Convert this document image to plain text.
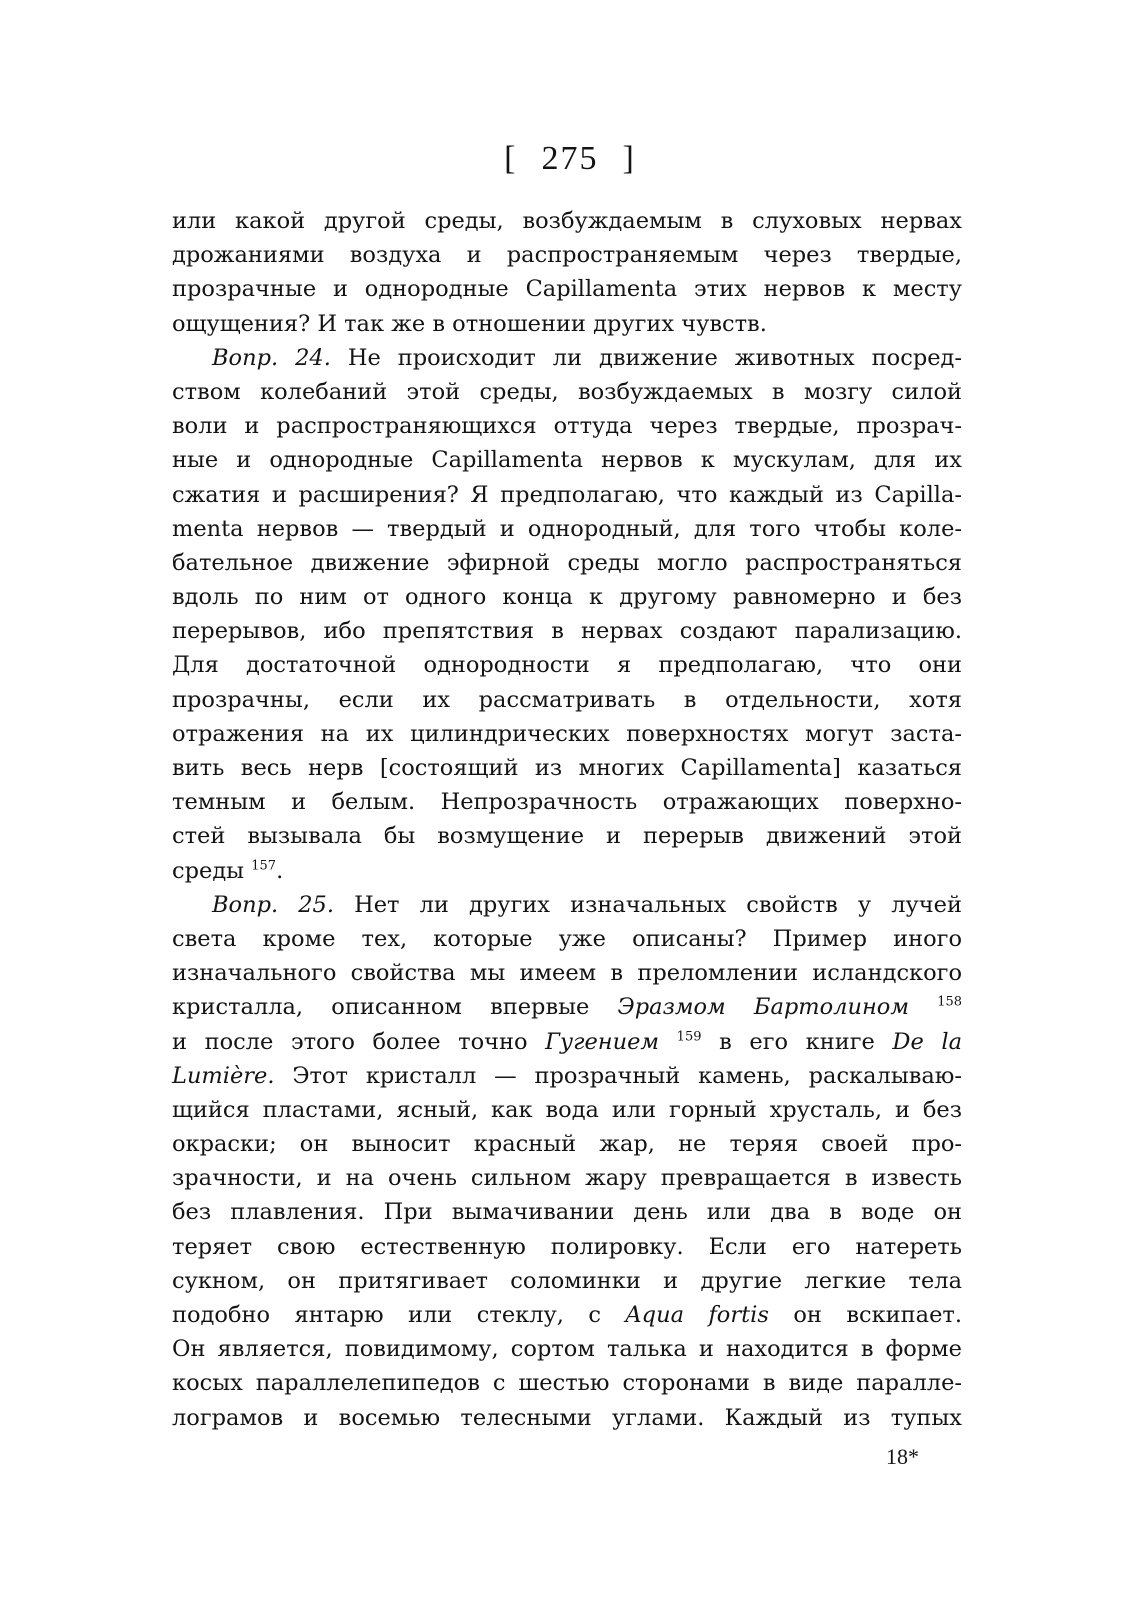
[ 275 ]
или какой другой среды, возбуждаемым в слуховых нервах
дрожаниями воздуха и распространяемым через твердые,
прозрачные и однородные Capillamenta этих нервов к месту
ощущения? И так же в отношении других чувств.
Вопр. 24. Не происходит ли движение животных посред-
ством колебаний этой среды, возбуждаемых в мозгу силой
воли и распространяющихся оттуда через твердые, прозрач-
ные и однородные Capillamenta нервов к мускулам, для их
сжатия и расширения? Я предполагаю, что каждый из Capilla-
menta нервов — твердый и однородный, для того чтобы коле-
бательное движение эфирной среды могло распространяться
вдоль по ним от одного конца к другому равномерно и без
перерывов, ибо препятствия в нервах создают парализацию.
Для достаточной однородности я предполагаю, что они
прозрачны, если их рассматривать в отдельности, хотя
отражения на их цилиндрических поверхностях могут заста-
вить весь нерв [состоящий из многих Capillamenta] казаться
темным и белым. Непрозрачность отражающих поверхно-
стей вызывала бы возмущение и перерыв движений этой
среды $^{157}$.
Вопр. 25. Нет ли других изначальных свойств у лучей
света кроме тех, которые уже описаны? Пример иного
изначального свойства мы имеем в преломлении исландского
кристалла, описанном впервые Эразмом Бартолином $^{158}$
и после этого более точно Гугением $^{159}$ в его книге De la
Lumière. Этот кристалл — прозрачный камень, раскалываю-
щийся пластами, ясный, как вода или горный хрусталь, и без
окраски; он выносит красный жар, не теряя своей про-
зрачности, и на очень сильном жару превращается в известь
без плавления. При вымачивании день или два в воде он
теряет свою естественную полировку. Если его натереть
сукном, он притягивает соломинки и другие легкие тела
подобно янтарю или стеклу, с Aqua fortis он вскипает.
Он является, повидимому, сортом талька и находится в форме
косых параллелепипедов с шестью сторонами в виде паралле-
лограмов и восемью телесными углами. Каждый из тупых
18*
